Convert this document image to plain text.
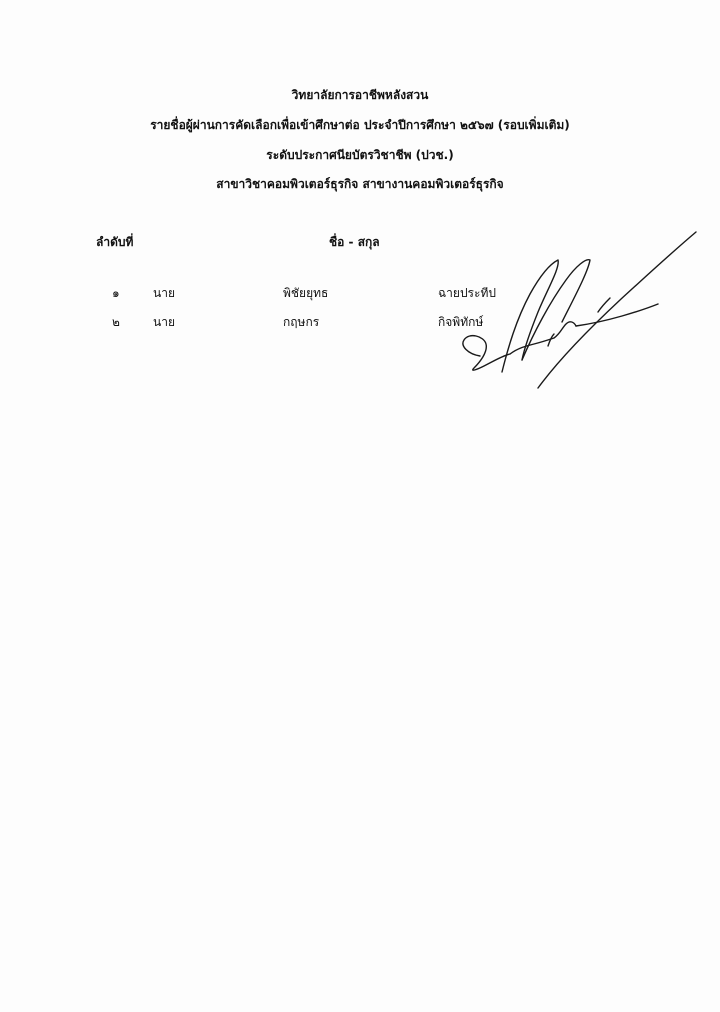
วิทยาลัยการอาชีพหลังสวน
รายชื่อผู้ผ่านการคัดเลือกเพื่อเข้าศึกษาต่อ ประจำปีการศึกษา ๒๕๖๗ (รอบเพิ่มเติม)
ระดับประกาศนียบัตรวิชาชีพ (ปวช.)
สาขาวิชาคอมพิวเตอร์ธุรกิจ สาขางานคอมพิวเตอร์ธุรกิจ
ลำดับที่	ชื่อ - สกุล
๑	นาย	พิชัยยุทธ	ฉายประทีป
๒	นาย	กฤษกร	กิจพิทักษ์
